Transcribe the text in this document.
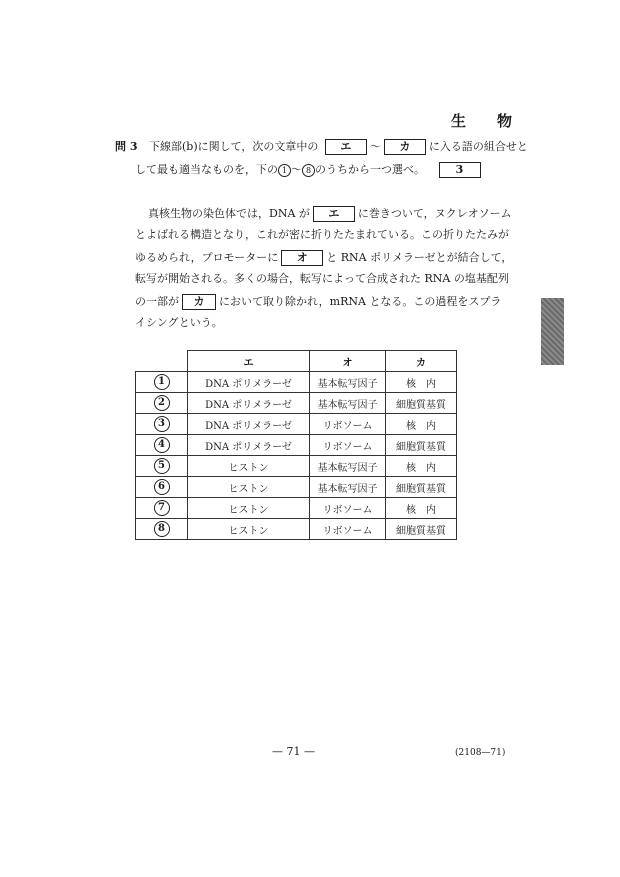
生　物
問 3 下線部(b)に関して，次の文章中の エ ～ カ に入る語の組合せと
して最も適当なものを，下の 1 ～ 8 のうちから一つ選べ。	3
真核生物の染色体では，DNA が エ に巻きついて，ヌクレオソーム
とよばれる構造となり，これが密に折りたたまれている。この折りたたみが
ゆるめられ，プロモーターに オ と RNA ポリメラーゼとが結合して，
転写が開始される。多くの場合，転写によって合成された RNA の塩基配列
の一部が カ において取り除かれ，mRNA となる。この過程をスプラ
イシングという。
	エ	オ	カ
1	DNA ポリメラーゼ	基本転写因子	核　内
2	DNA ポリメラーゼ	基本転写因子	細胞質基質
3	DNA ポリメラーゼ	リボソーム	核　内
4	DNA ポリメラーゼ	リボソーム	細胞質基質
5	ヒストン	基本転写因子	核　内
6	ヒストン	基本転写因子	細胞質基質
7	ヒストン	リボソーム	核　内
8	ヒストン	リボソーム	細胞質基質
— 71 —	(2108—71)
